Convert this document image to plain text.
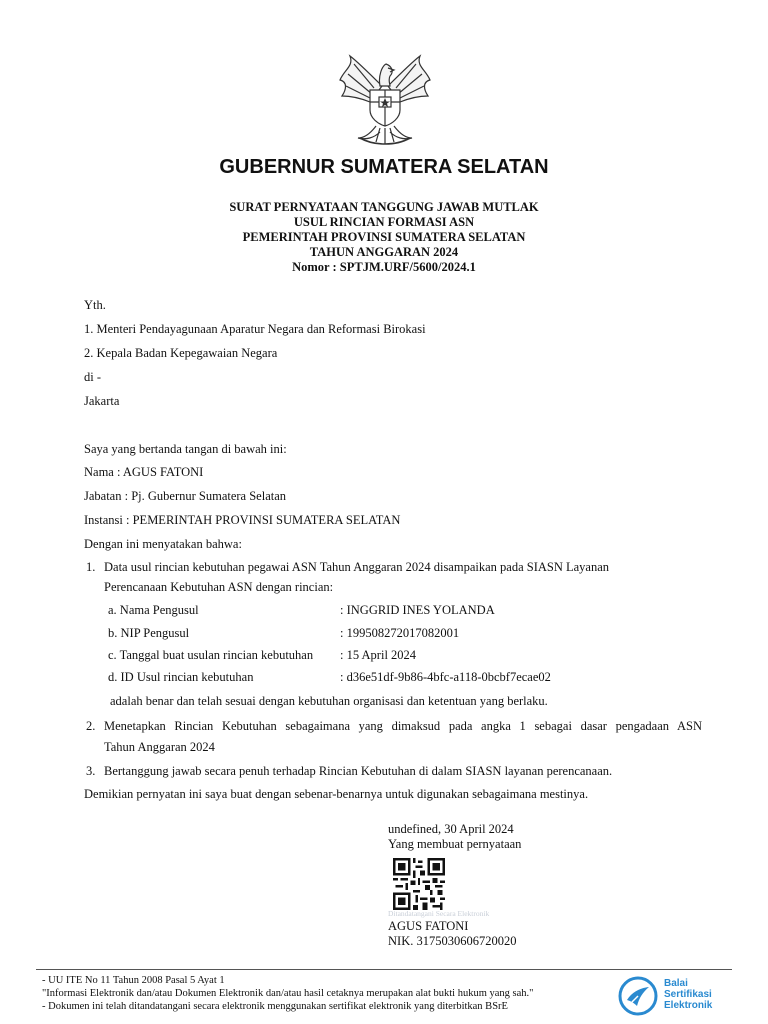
GUBERNUR SUMATERA SELATAN
SURAT PERNYATAAN TANGGUNG JAWAB MUTLAK
USUL RINCIAN FORMASI ASN
PEMERINTAH PROVINSI SUMATERA SELATAN
TAHUN ANGGARAN 2024
Nomor : SPTJM.URF/5600/2024.1
Yth.
1. Menteri Pendayagunaan Aparatur Negara dan Reformasi Birokasi
2. Kepala Badan Kepegawaian Negara
di -
Jakarta
Saya yang bertanda tangan di bawah ini:
Nama : AGUS FATONI
Jabatan : Pj. Gubernur Sumatera Selatan
Instansi : PEMERINTAH PROVINSI SUMATERA SELATAN
Dengan ini menyatakan bahwa:
1. Data usul rincian kebutuhan pegawai ASN Tahun Anggaran 2024 disampaikan pada SIASN Layanan
Perencanaan Kebutuhan ASN dengan rincian:
a. Nama Pengusul	: INGGRID INES YOLANDA
b. NIP Pengusul	: 199508272017082001
c. Tanggal buat usulan rincian kebutuhan : 15 April 2024
d. ID Usul rincian kebutuhan	: d36e51df-9b86-4bfc-a118-0bcbf7ecae02
adalah benar dan telah sesuai dengan kebutuhan organisasi dan ketentuan yang berlaku.
2. Menetapkan Rincian Kebutuhan sebagaimana yang dimaksud pada angka 1 sebagai dasar pengadaan ASN
Tahun Anggaran 2024
3. Bertanggung jawab secara penuh terhadap Rincian Kebutuhan di dalam SIASN layanan perencanaan.
Demikian pernyatan ini saya buat dengan sebenar-benarnya untuk digunakan sebagaimana mestinya.
undefined, 30 April 2024
Yang membuat pernyataan
Ditandatangani Secara Elektronik
AGUS FATONI
NIK. 3175030606720020
- UU ITE No 11 Tahun 2008 Pasal 5 Ayat 1
"Informasi Elektronik dan/atau Dokumen Elektronik dan/atau hasil cetaknya merupakan alat bukti hukum yang sah."
- Dokumen ini telah ditandatangani secara elektronik menggunakan sertifikat elektronik yang diterbitkan BSrE
Balai
Sertifikasi
Elektronik
